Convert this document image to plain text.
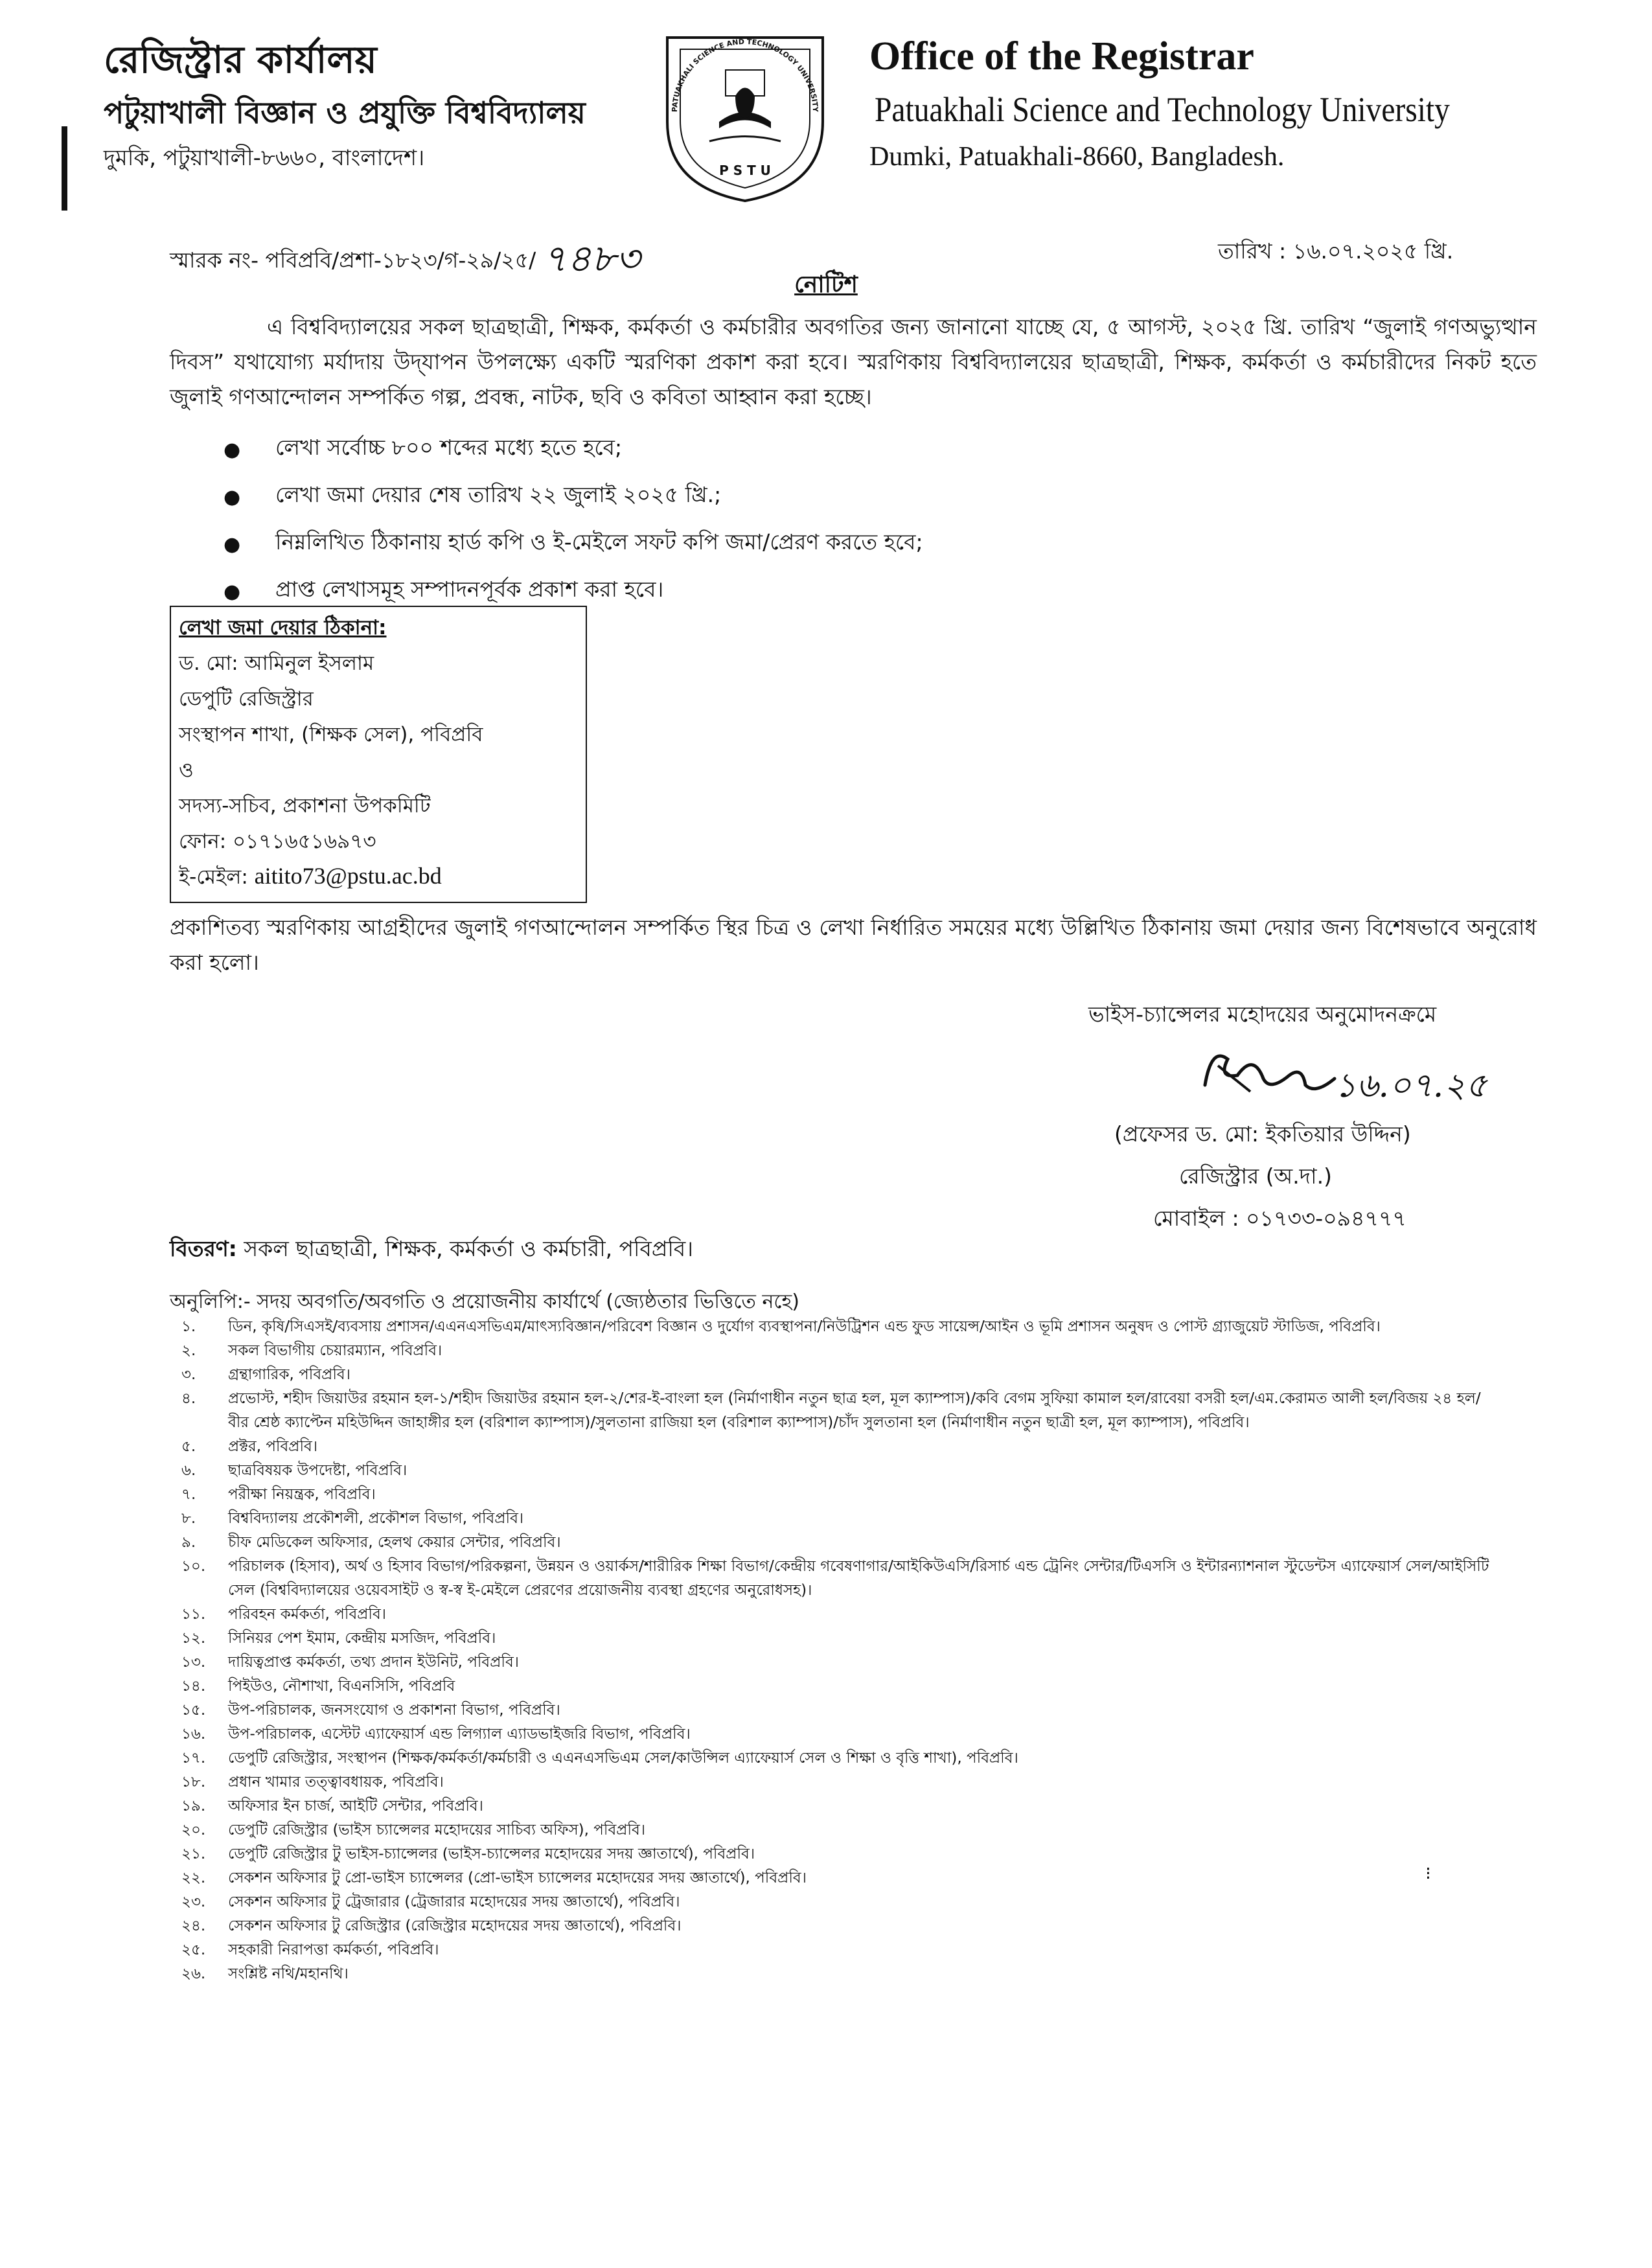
রেজিস্ট্রার কার্যালয়
পটুয়াখালী বিজ্ঞান ও প্রযুক্তি বিশ্ববিদ্যালয়
দুমকি, পটুয়াখালী-৮৬৬০, বাংলাদেশ।
PATUAKHALI SCIENCE AND TECHNOLOGY UNIVERSITY
P S T U
Office of the Registrar
Patuakhali Science and Technology University
Dumki, Patuakhali-8660, Bangladesh.
স্মারক নং- পবিপ্রবি/প্রশা-১৮২৩/গ-২৯/২৫/ ৭৪৮৩	তারিখ : ১৬.০৭.২০২৫ খ্রি.
নোটিশ
এ বিশ্ববিদ্যালয়ের সকল ছাত্রছাত্রী, শিক্ষক, কর্মকর্তা ও কর্মচারীর অবগতির জন্য জানানো যাচ্ছে যে, ৫ আগস্ট, ২০২৫ খ্রি. তারিখ “জুলাই গণঅভ্যুত্থান দিবস” যথাযোগ্য মর্যাদায় উদ্‌যাপন উপলক্ষ্যে একটি স্মরণিকা প্রকাশ করা হবে। স্মরণিকায় বিশ্ববিদ্যালয়ের ছাত্রছাত্রী, শিক্ষক, কর্মকর্তা ও কর্মচারীদের নিকট হতে জুলাই গণআন্দোলন সম্পর্কিত গল্প, প্রবন্ধ, নাটক, ছবি ও কবিতা আহ্বান করা হচ্ছে।
● লেখা সর্বোচ্চ ৮০০ শব্দের মধ্যে হতে হবে;
● লেখা জমা দেয়ার শেষ তারিখ ২২ জুলাই ২০২৫ খ্রি.;
● নিম্নলিখিত ঠিকানায় হার্ড কপি ও ই-মেইলে সফট কপি জমা/প্রেরণ করতে হবে;
● প্রাপ্ত লেখাসমূহ সম্পাদনপূর্বক প্রকাশ করা হবে।
লেখা জমা দেয়ার ঠিকানা:
ড. মো: আমিনুল ইসলাম
ডেপুটি রেজিস্ট্রার
সংস্থাপন শাখা, (শিক্ষক সেল), পবিপ্রবি
ও
সদস্য-সচিব, প্রকাশনা উপকমিটি
ফোন: ০১৭১৬৫১৬৯৭৩
ই-মেইল: aitito73@pstu.ac.bd
প্রকাশিতব্য স্মরণিকায় আগ্রহীদের জুলাই গণআন্দোলন সম্পর্কিত স্থির চিত্র ও লেখা নির্ধারিত সময়ের মধ্যে উল্লিখিত ঠিকানায় জমা দেয়ার জন্য বিশেষভাবে অনুরোধ করা হলো।
ভাইস-চ্যান্সেলর মহোদয়ের অনুমোদনক্রমে
১৬.০৭.২৫
(প্রফেসর ড. মো: ইকতিয়ার উদ্দিন)
রেজিস্ট্রার (অ.দা.)
মোবাইল : ০১৭৩৩-০৯৪৭৭৭
বিতরণ: সকল ছাত্রছাত্রী, শিক্ষক, কর্মকর্তা ও কর্মচারী, পবিপ্রবি।
অনুলিপি:- সদয় অবগতি/অবগতি ও প্রয়োজনীয় কার্যার্থে (জ্যেষ্ঠতার ভিত্তিতে নহে)
১. ডিন, কৃষি/সিএসই/ব্যবসায় প্রশাসন/এএনএসভিএম/মাৎস্যবিজ্ঞান/পরিবেশ বিজ্ঞান ও দুর্যোগ ব্যবস্থাপনা/নিউট্রিশন এন্ড ফুড সায়েন্স/আইন ও ভূমি প্রশাসন অনুষদ ও পোস্ট গ্র্যাজুয়েট স্টাডিজ, পবিপ্রবি।
২. সকল বিভাগীয় চেয়ারম্যান, পবিপ্রবি।
৩. গ্রন্থাগারিক, পবিপ্রবি।
৪. প্রভোস্ট, শহীদ জিয়াউর রহমান হল-১/শহীদ জিয়াউর রহমান হল-২/শের-ই-বাংলা হল (নির্মাণাধীন নতুন ছাত্র হল, মূল ক্যাম্পাস)/কবি বেগম সুফিয়া কামাল হল/রাবেয়া বসরী হল/এম.কেরামত আলী হল/বিজয় ২৪ হল/বীর শ্রেষ্ঠ ক্যাপ্টেন মহিউদ্দিন জাহাঙ্গীর হল (বরিশাল ক্যাম্পাস)/সুলতানা রাজিয়া হল (বরিশাল ক্যাম্পাস)/চাঁদ সুলতানা হল (নির্মাণাধীন নতুন ছাত্রী হল, মূল ক্যাম্পাস), পবিপ্রবি।
৫. প্রক্টর, পবিপ্রবি।
৬. ছাত্রবিষয়ক উপদেষ্টা, পবিপ্রবি।
৭. পরীক্ষা নিয়ন্ত্রক, পবিপ্রবি।
৮. বিশ্ববিদ্যালয় প্রকৌশলী, প্রকৌশল বিভাগ, পবিপ্রবি।
৯. চীফ মেডিকেল অফিসার, হেলথ কেয়ার সেন্টার, পবিপ্রবি।
১০. পরিচালক (হিসাব), অর্থ ও হিসাব বিভাগ/পরিকল্পনা, উন্নয়ন ও ওয়ার্কস/শারীরিক শিক্ষা বিভাগ/কেন্দ্রীয় গবেষণাগার/আইকিউএসি/রিসার্চ এন্ড ট্রেনিং সেন্টার/টিএসসি ও ইন্টারন্যাশনাল স্টুডেন্টস এ্যাফেয়ার্স সেল/আইসিটি সেল (বিশ্ববিদ্যালয়ের ওয়েবসাইট ও স্ব-স্ব ই-মেইলে প্রেরণের প্রয়োজনীয় ব্যবস্থা গ্রহণের অনুরোধসহ)।
১১. পরিবহন কর্মকর্তা, পবিপ্রবি।
১২. সিনিয়র পেশ ইমাম, কেন্দ্রীয় মসজিদ, পবিপ্রবি।
১৩. দায়িত্বপ্রাপ্ত কর্মকর্তা, তথ্য প্রদান ইউনিট, পবিপ্রবি।
১৪. পিইউও, নৌশাখা, বিএনসিসি, পবিপ্রবি
১৫. উপ-পরিচালক, জনসংযোগ ও প্রকাশনা বিভাগ, পবিপ্রবি।
১৬. উপ-পরিচালক, এস্টেট এ্যাফেয়ার্স এন্ড লিগ্যাল এ্যাডভাইজরি বিভাগ, পবিপ্রবি।
১৭. ডেপুটি রেজিস্ট্রার, সংস্থাপন (শিক্ষক/কর্মকর্তা/কর্মচারী ও এএনএসভিএম সেল/কাউন্সিল এ্যাফেয়ার্স সেল ও শিক্ষা ও বৃত্তি শাখা), পবিপ্রবি।
১৮. প্রধান খামার তত্ত্বাবধায়ক, পবিপ্রবি।
১৯. অফিসার ইন চার্জ, আইটি সেন্টার, পবিপ্রবি।
২০. ডেপুটি রেজিস্ট্রার (ভাইস চ্যান্সেলর মহোদয়ের সাচিব্য অফিস), পবিপ্রবি।
২১. ডেপুটি রেজিস্ট্রার টু ভাইস-চ্যান্সেলর (ভাইস-চ্যান্সেলর মহোদয়ের সদয় জ্ঞাতার্থে), পবিপ্রবি।
২২. সেকশন অফিসার টু প্রো-ভাইস চ্যান্সেলর (প্রো-ভাইস চ্যান্সেলর মহোদয়ের সদয় জ্ঞাতার্থে), পবিপ্রবি।
২৩. সেকশন অফিসার টু ট্রেজারার (ট্রেজারার মহোদয়ের সদয় জ্ঞাতার্থে), পবিপ্রবি।
২৪. সেকশন অফিসার টু রেজিস্ট্রার (রেজিস্ট্রার মহোদয়ের সদয় জ্ঞাতার্থে), পবিপ্রবি।
২৫. সহকারী নিরাপত্তা কর্মকর্তা, পবিপ্রবি।
২৬. সংশ্লিষ্ট নথি/মহানথি।
⁝
